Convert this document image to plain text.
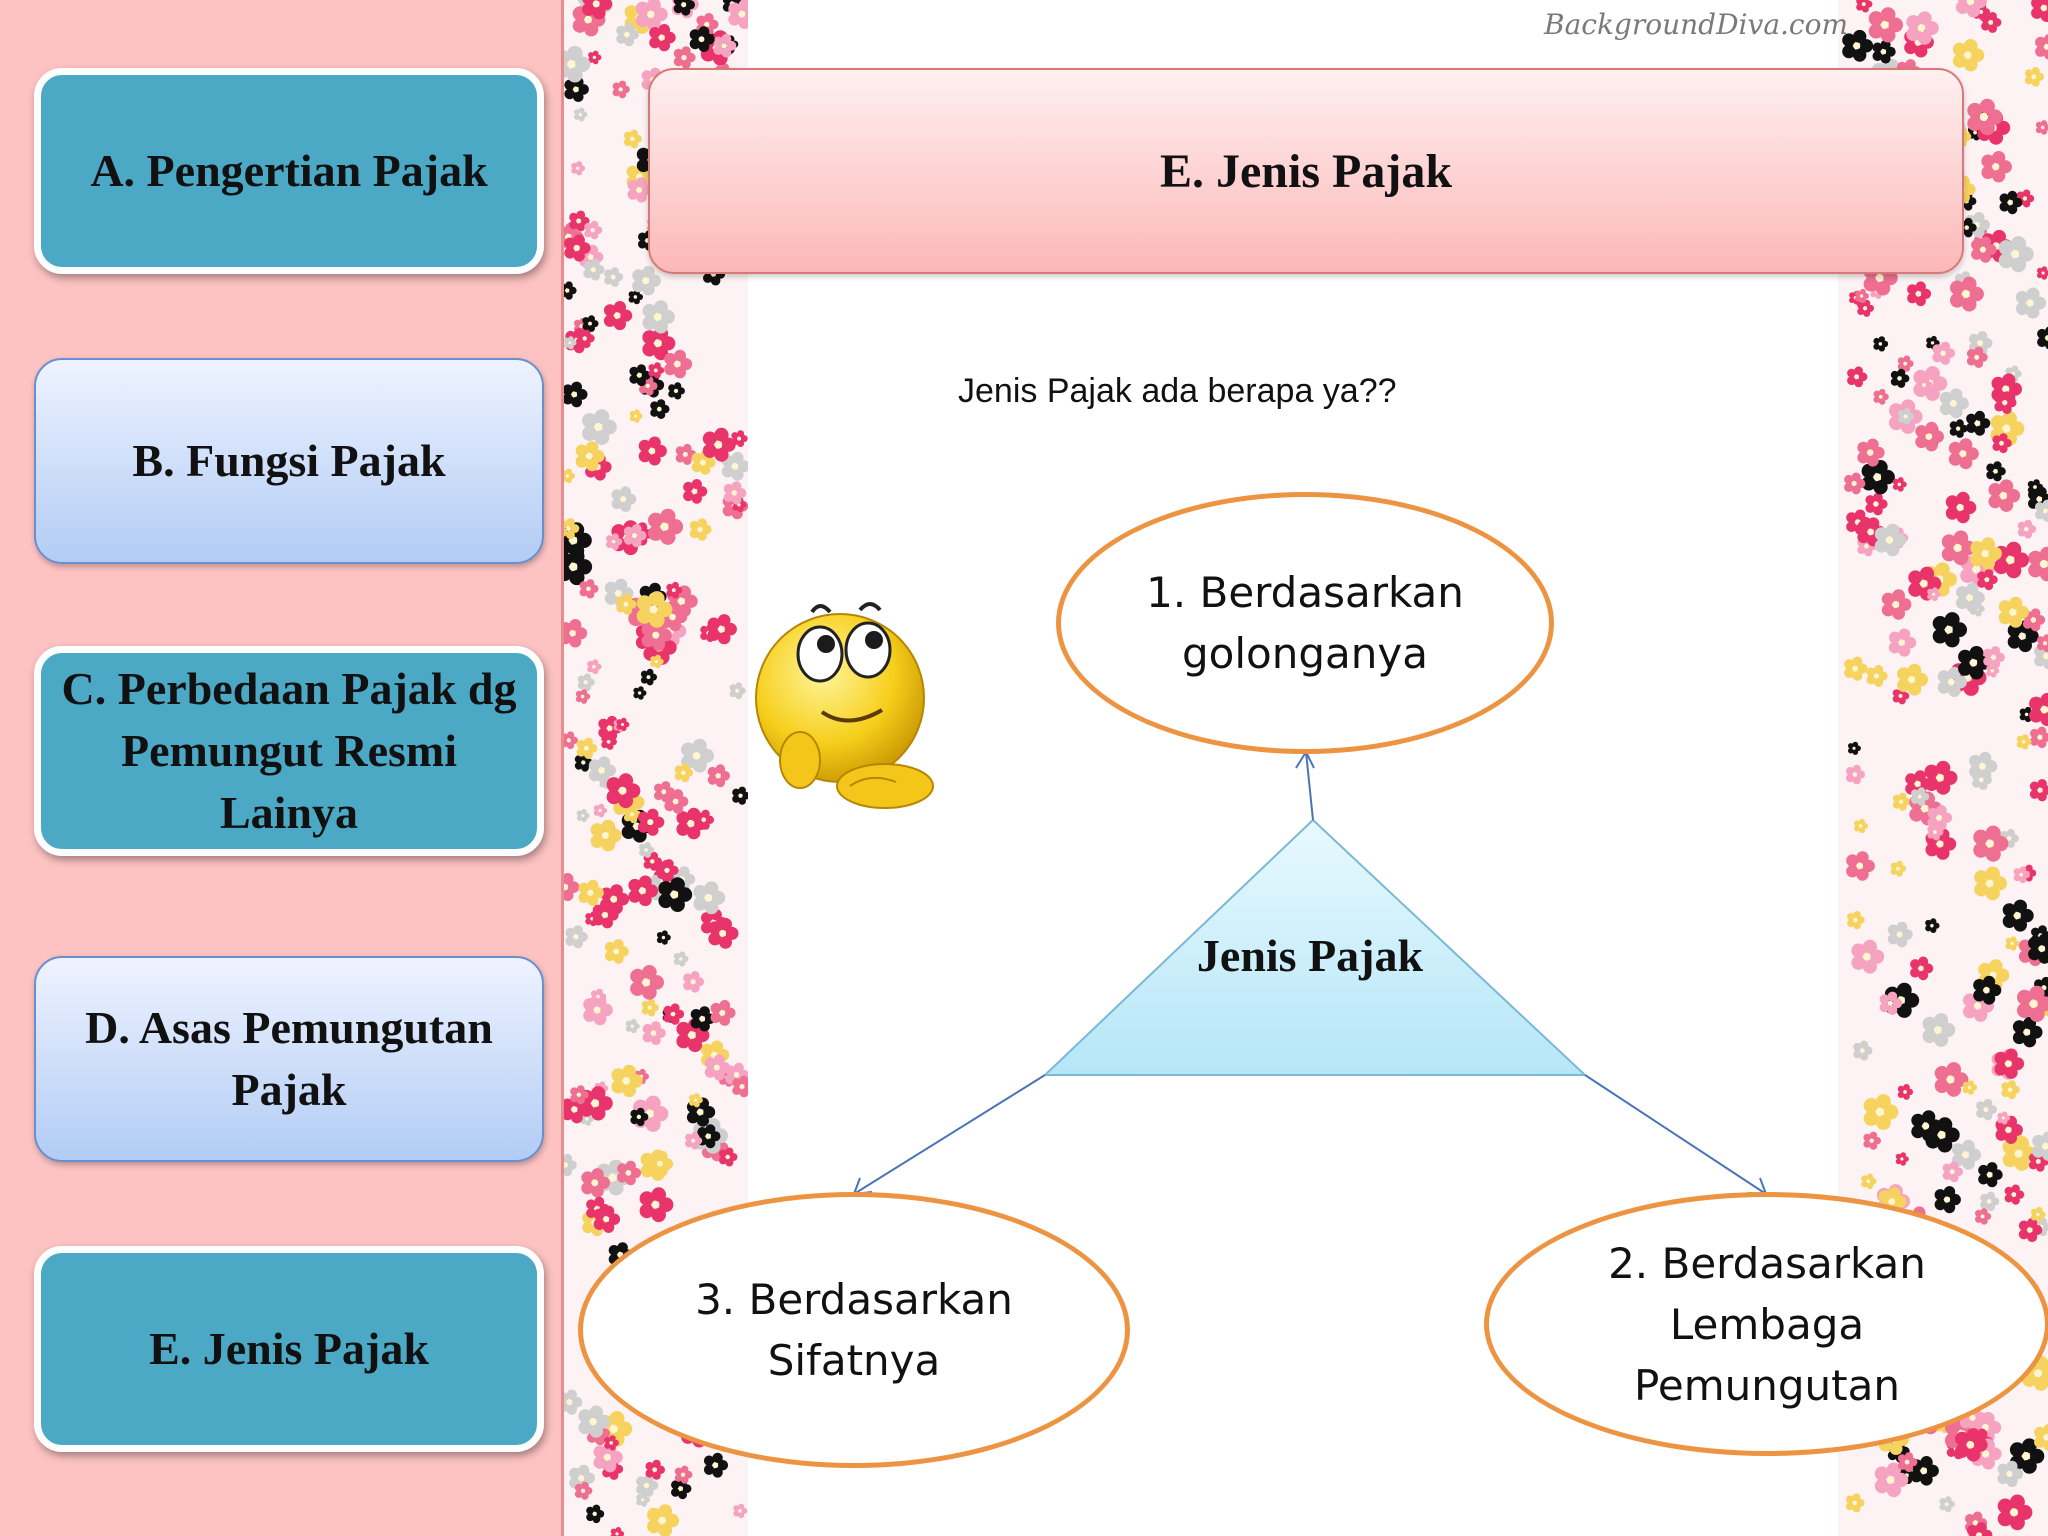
BackgroundDiva.com
A. Pengertian Pajak
B. Fungsi Pajak
C. Perbedaan Pajak dg Pemungut Resmi Lainya
D. Asas Pemungutan Pajak
E. Jenis Pajak
E. Jenis Pajak
Jenis Pajak ada berapa ya??
1. Berdasarkan golonganya
2. Berdasarkan Lembaga Pemungutan
3. Berdasarkan Sifatnya
Jenis Pajak
